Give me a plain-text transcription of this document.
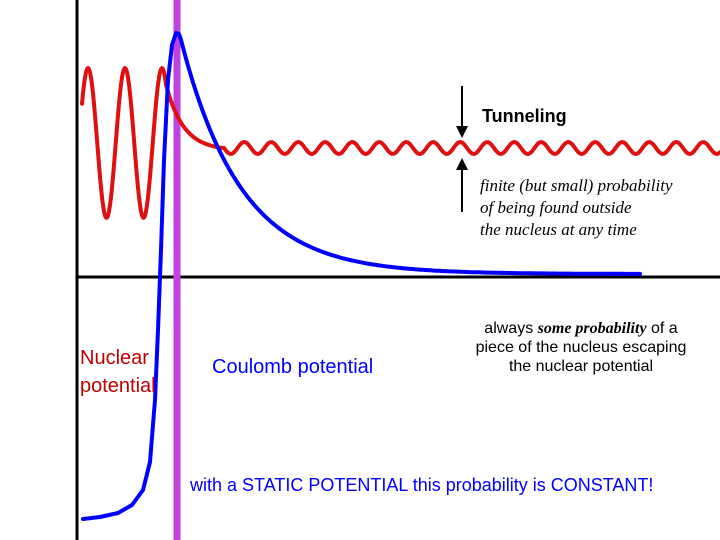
Tunneling
finite (but small) probability
of being found outside
the nucleus at any time
Nuclear
potential
Coulomb potential
always some probability of a
piece of the nucleus escaping
the nuclear potential
with a STATIC POTENTIAL this probability is CONSTANT!
